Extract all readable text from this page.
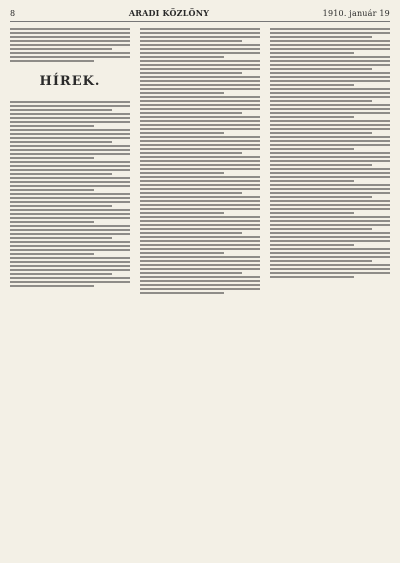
8	ARADI KÖZLÖNY	1910. január 19
HÍREK.
